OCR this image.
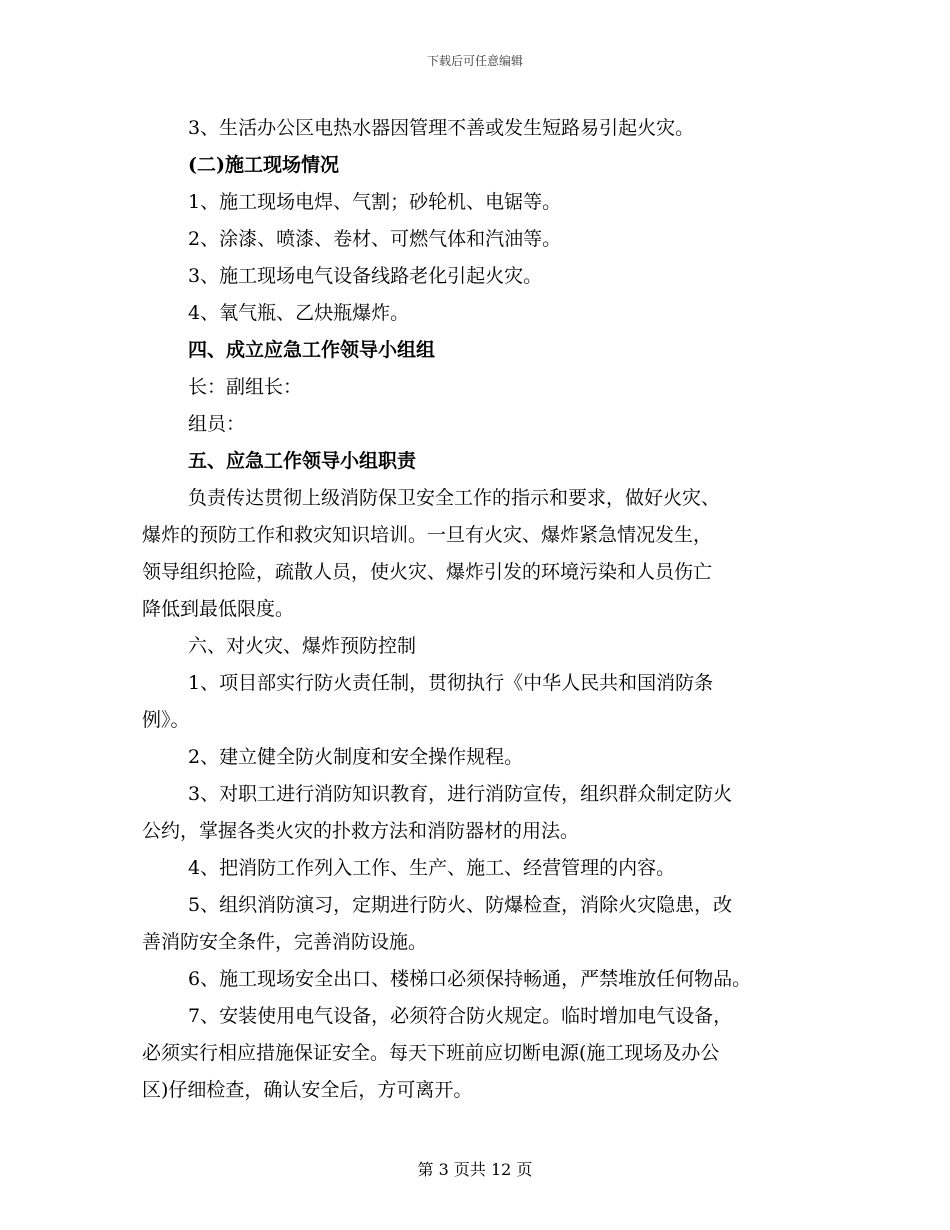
下载后可任意编辑

3、生活办公区电热水器因管理不善或发生短路易引起火灾。

(二)施工现场情况

1、施工现场电焊、气割；砂轮机、电锯等。

2、涂漆、喷漆、卷材、可燃气体和汽油等。

3、施工现场电气设备线路老化引起火灾。

4、氧气瓶、乙炔瓶爆炸。

四、成立应急工作领导小组组

长：副组长：

组员：

五、应急工作领导小组职责

负责传达贯彻上级消防保卫安全工作的指示和要求，做好火灾、

爆炸的预防工作和救灾知识培训。一旦有火灾、爆炸紧急情况发生，

领导组织抢险，疏散人员，使火灾、爆炸引发的环境污染和人员伤亡

降低到最低限度。

六、对火灾、爆炸预防控制

1、项目部实行防火责任制，贯彻执行《中华人民共和国消防条

例》。

2、建立健全防火制度和安全操作规程。

3、对职工进行消防知识教育，进行消防宣传，组织群众制定防火

公约，掌握各类火灾的扑救方法和消防器材的用法。

4、把消防工作列入工作、生产、施工、经营管理的内容。

5、组织消防演习，定期进行防火、防爆检查，消除火灾隐患，改

善消防安全条件，完善消防设施。

6、施工现场安全出口、楼梯口必须保持畅通，严禁堆放任何物品。

7、安装使用电气设备，必须符合防火规定。临时增加电气设备，

必须实行相应措施保证安全。每天下班前应切断电源(施工现场及办公

区)仔细检查，确认安全后，方可离开。

第 3 页共 12 页
